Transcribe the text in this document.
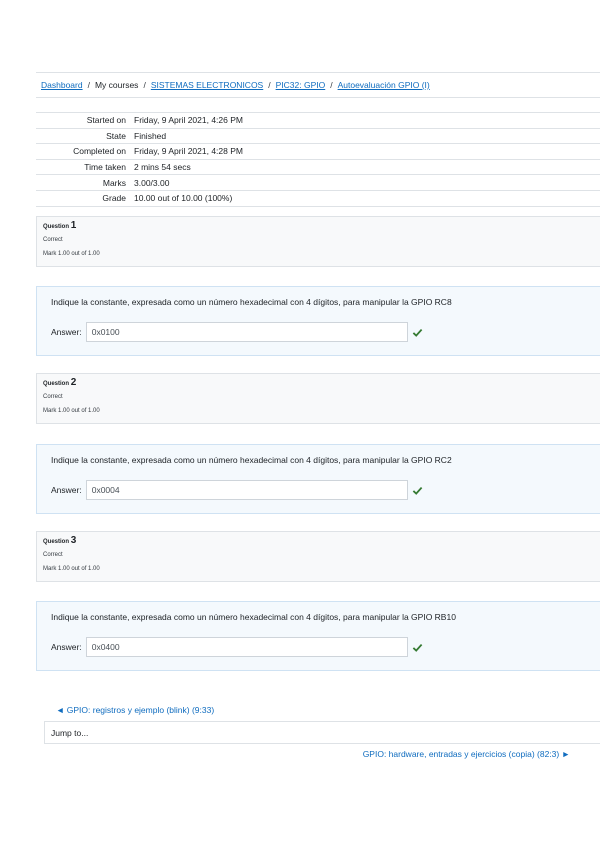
Dashboard / My courses / SISTEMAS ELECTRONICOS / PIC32: GPIO / Autoevaluación GPIO (I)
Started on	Friday, 9 April 2021, 4:26 PM
State	Finished
Completed on	Friday, 9 April 2021, 4:28 PM
Time taken	2 mins 54 secs
Marks	3.00/3.00
Grade	10.00 out of 10.00 (100%)
Question 1
Correct
Mark 1.00 out of 1.00
Indique la constante, expresada como un número hexadecimal con 4 dígitos, para manipular la GPIO RC8
Answer:	0x0100
Question 2
Correct
Mark 1.00 out of 1.00
Indique la constante, expresada como un número hexadecimal con 4 dígitos, para manipular la GPIO RC2
Answer:	0x0004
Question 3
Correct
Mark 1.00 out of 1.00
Indique la constante, expresada como un número hexadecimal con 4 dígitos, para manipular la GPIO RB10
Answer:	0x0400
◄ GPIO: registros y ejemplo (blink) (9:33)
Jump to...
GPIO: hardware, entradas y ejercicios (copia) (82:3) ►
